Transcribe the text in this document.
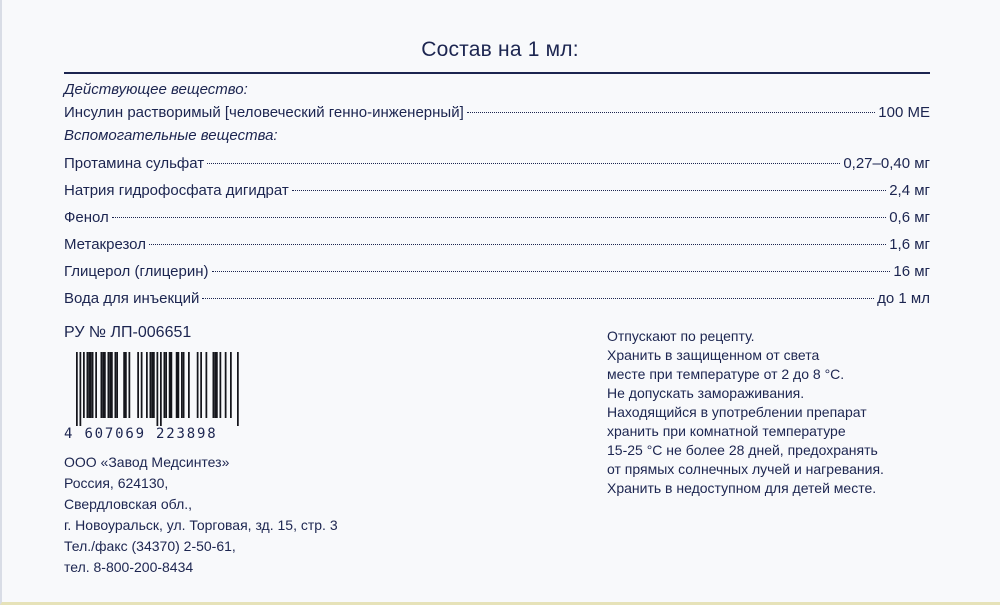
Состав на 1 мл:
Действующее вещество:
Инсулин растворимый [человеческий генно-инженерный]	100 МЕ
Вспомогательные вещества:
Протамина сульфат	0,27–0,40 мг
Натрия гидрофосфата дигидрат	2,4 мг
Фенол	0,6 мг
Метакрезол	1,6 мг
Глицерол (глицерин)	16 мг
Вода для инъекций	до 1 мл
РУ № ЛП-006651
4 607069 223898
ООО «Завод Медсинтез»
Россия, 624130,
Свердловская обл.,
г. Новоуральск, ул. Торговая, зд. 15, стр. 3
Тел./факс (34370) 2-50-61,
тел. 8-800-200-8434
Отпускают по рецепту.
Хранить в защищенном от света
месте при температуре от 2 до 8 °С.
Не допускать замораживания.
Находящийся в употреблении препарат
хранить при комнатной температуре
15-25 °С не более 28 дней, предохранять
от прямых солнечных лучей и нагревания.
Хранить в недоступном для детей месте.
